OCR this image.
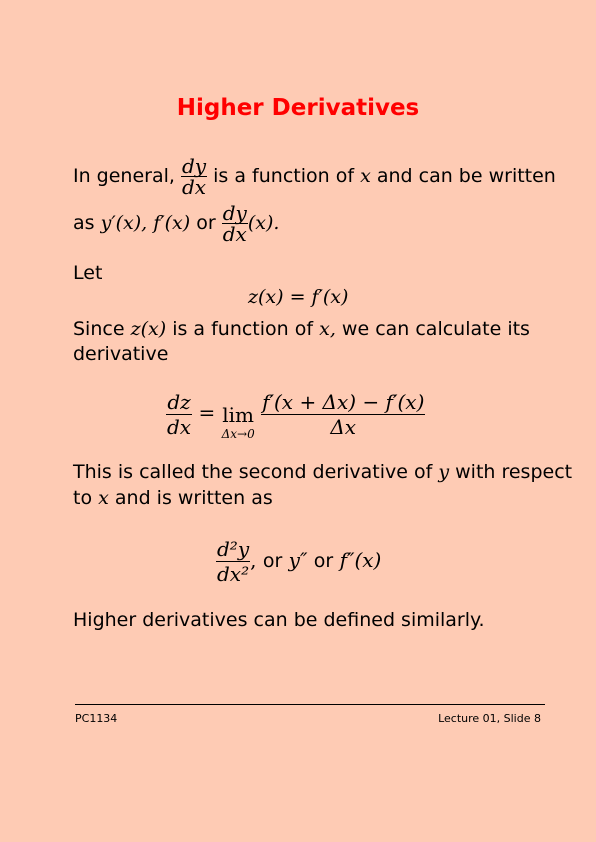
Higher Derivatives
In general, $\frac{dy}{dx}$ is a function of x and can be written
as y′(x), f′(x) or $\frac{dy}{dx} (x)$.
Let
z(x) = f′(x)
Since z(x) is a function of x, we can calculate its
derivative
$\frac{dz}{dx} = \lim$
Δx→0
$\frac{f'(x + \Delta x) - f'(x)}{\Delta x}$
This is called the second derivative of y with respect
to x and is written as
$\frac{\text{d²y}}{\text{dx²}}$ , or y″ or f″(x)
Higher derivatives can be defined similarly.
PC1134	Lecture 01, Slide 8
